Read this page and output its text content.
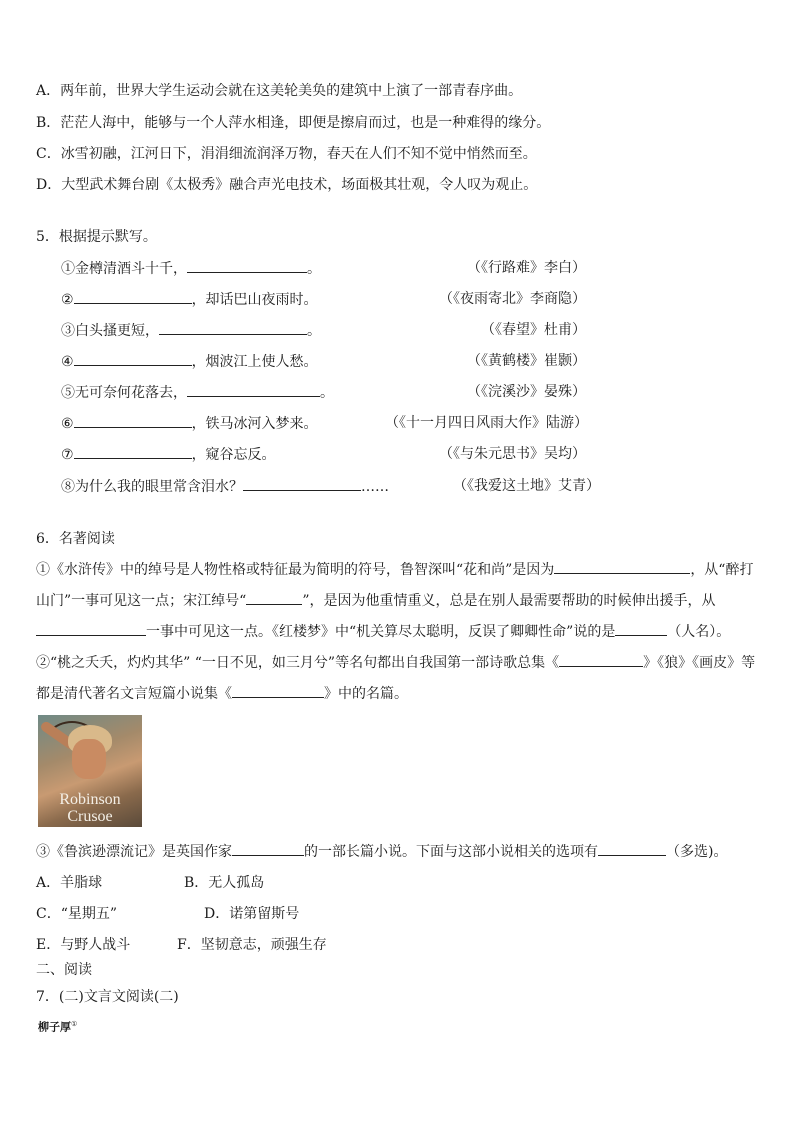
A．两年前，世界大学生运动会就在这美轮美奂的建筑中上演了一部青春序曲。
B．茫茫人海中，能够与一个人萍水相逢，即便是擦肩而过，也是一种难得的缘分。
C．冰雪初融，江河日下，涓涓细流润泽万物，春天在人们不知不觉中悄然而至。
D．大型武术舞台剧《太极秀》融合声光电技术，场面极其壮观，令人叹为观止。
5．根据提示默写。
①金樽清酒斗十千，	。	（《行路难》李白）
②	，却话巴山夜雨时。	（《夜雨寄北》李商隐）
③白头搔更短，	。	（《春望》杜甫）
④	，烟波江上使人愁。	（《黄鹤楼》崔颢）
⑤无可奈何花落去，	。	（《浣溪沙》晏殊）
⑥	，铁马冰河入梦来。	（《十一月四日风雨大作》陆游）
⑦	，窥谷忘反。	（《与朱元思书》吴均）
⑧为什么我的眼里常含泪水？	……	（《我爱这土地》艾青）
6．名著阅读
①《水浒传》中的绰号是人物性格或特征最为简明的符号，鲁智深叫“花和尚”是因为	，从“醉打山门”一事可见这一点；宋江绰号“	”，是因为他重情重义，总是在别人最需要帮助的时候伸出援手，从
一事中可见这一点。《红楼梦》中“机关算尽太聪明，反误了卿卿性命”说的是	（人名）。
②“桃之夭夭，灼灼其华” “一日不见，如三月兮”等名句都出自我国第一部诗歌总集《	》《狼》《画皮》等都是清代著名文言短篇小说集《	》中的名篇。
Robinson
Crusoe
③《鲁滨逊漂流记》是英国作家	的一部长篇小说。下面与这部小说相关的选项有	（多选)。
A．羊脂球	B．无人孤岛
C．“星期五”	D．诺第留斯号
E．与野人战斗	F．坚韧意志，顽强生存
二、阅读
7．(二)文言文阅读(二)
柳子厚①
